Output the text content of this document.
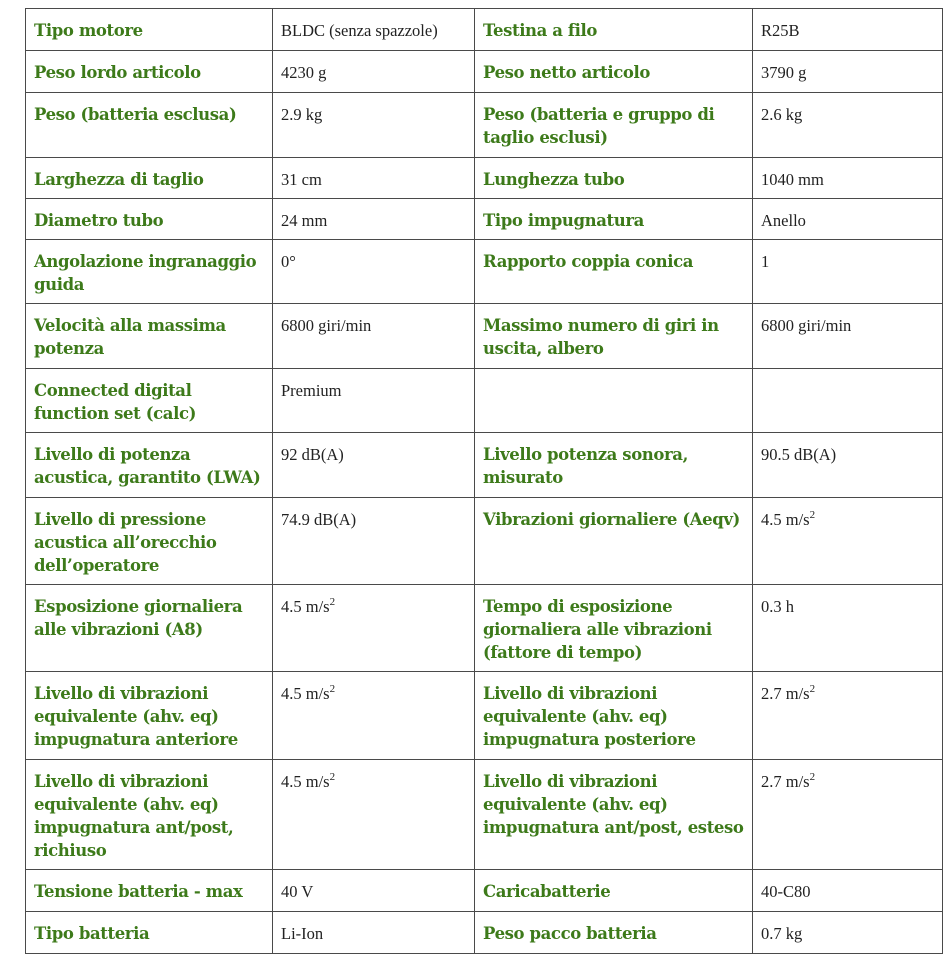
Tipo motore	BLDC (senza spazzole)	Testina a filo	R25B
Peso lordo articolo	4230 g	Peso netto articolo	3790 g
Peso (batteria esclusa)	2.9 kg	Peso (batteria e gruppo di taglio esclusi)	2.6 kg
Larghezza di taglio	31 cm	Lunghezza tubo	1040 mm
Diametro tubo	24 mm	Tipo impugnatura	Anello
Angolazione ingranaggio guida	0°	Rapporto coppia conica	1
Velocità alla massima potenza	6800 giri/min	Massimo numero di giri in uscita, albero	6800 giri/min
Connected digital function set (calc)	Premium		
Livello di potenza acustica, garantito (LWA)	92 dB(A)	Livello potenza sonora, misurato	90.5 dB(A)
Livello di pressione acustica all’orecchio dell’operatore	74.9 dB(A)	Vibrazioni giornaliere (Aeqv)	4.5 $m/s^2$
Esposizione giornaliera alle vibrazioni (A8)	4.5 $m/s^2$	Tempo di esposizione giornaliera alle vibrazioni (fattore di tempo)	0.3 h
Livello di vibrazioni equivalente (ahv. eq) impugnatura anteriore	4.5 $m/s^2$	Livello di vibrazioni equivalente (ahv. eq) impugnatura posteriore	2.7 $m/s^2$
Livello di vibrazioni equivalente (ahv. eq) impugnatura ant/post, richiuso	4.5 $m/s^2$	Livello di vibrazioni equivalente (ahv. eq) impugnatura ant/post, esteso	2.7 $m/s^2$
Tensione batteria - max	40 V	Caricabatterie	40-C80
Tipo batteria	Li-Ion	Peso pacco batteria	0.7 kg
